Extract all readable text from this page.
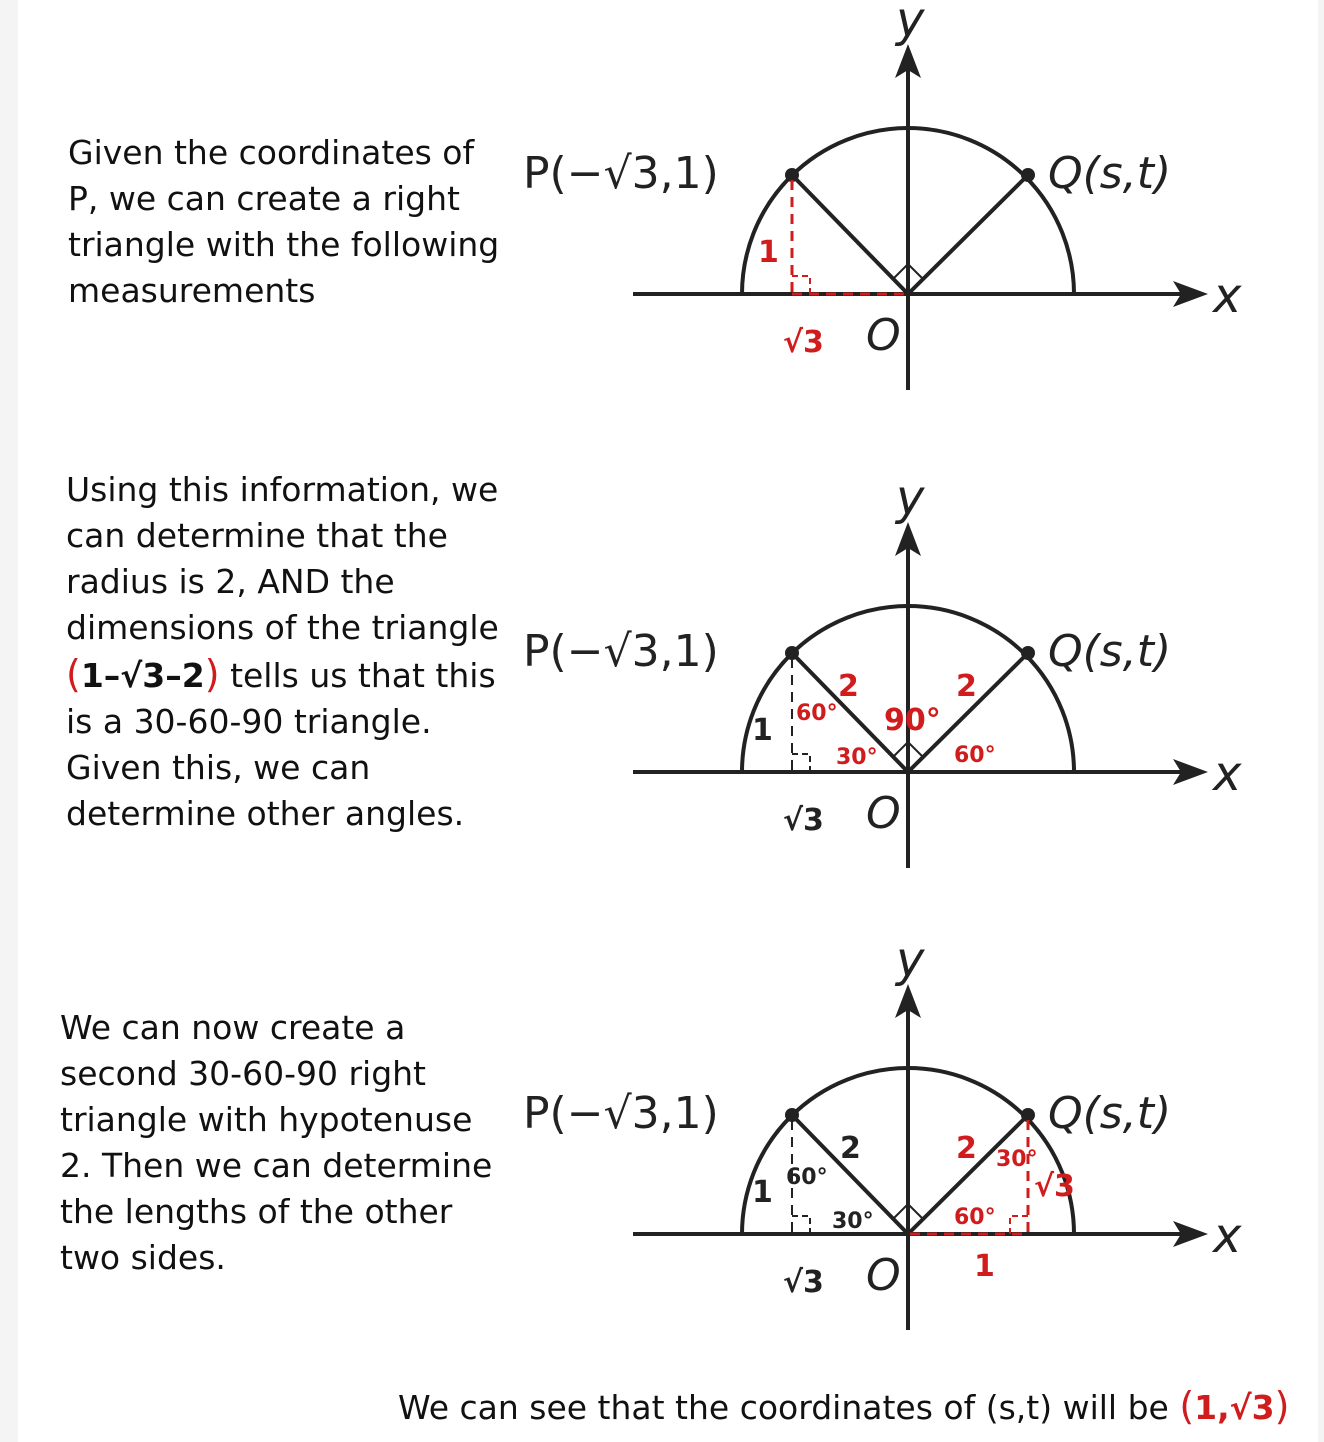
Given the coordinates of P, we can create a right triangle with the following measurements

Using this information, we can determine that the radius is 2, AND the dimensions of the triangle (1–√3–2) tells us that this is a 30-60-90 triangle. Given this, we can determine other angles.

We can now create a second 30-60-90 right triangle with hypotenuse 2. Then we can determine the lengths of the other two sides.

x
y
O
P(−√3,1)	Q(s,t)
1
√3
x
y
O
P(−√3,1)	Q(s,t)
1
√3
2	2
90°
60°
30°	60°
x
y
O
P(−√3,1)	Q(s,t)
1
√3
2	2
60°
30°
30°
60°
1
√3
We can see that the coordinates of (s,t) will be (1,√3)
